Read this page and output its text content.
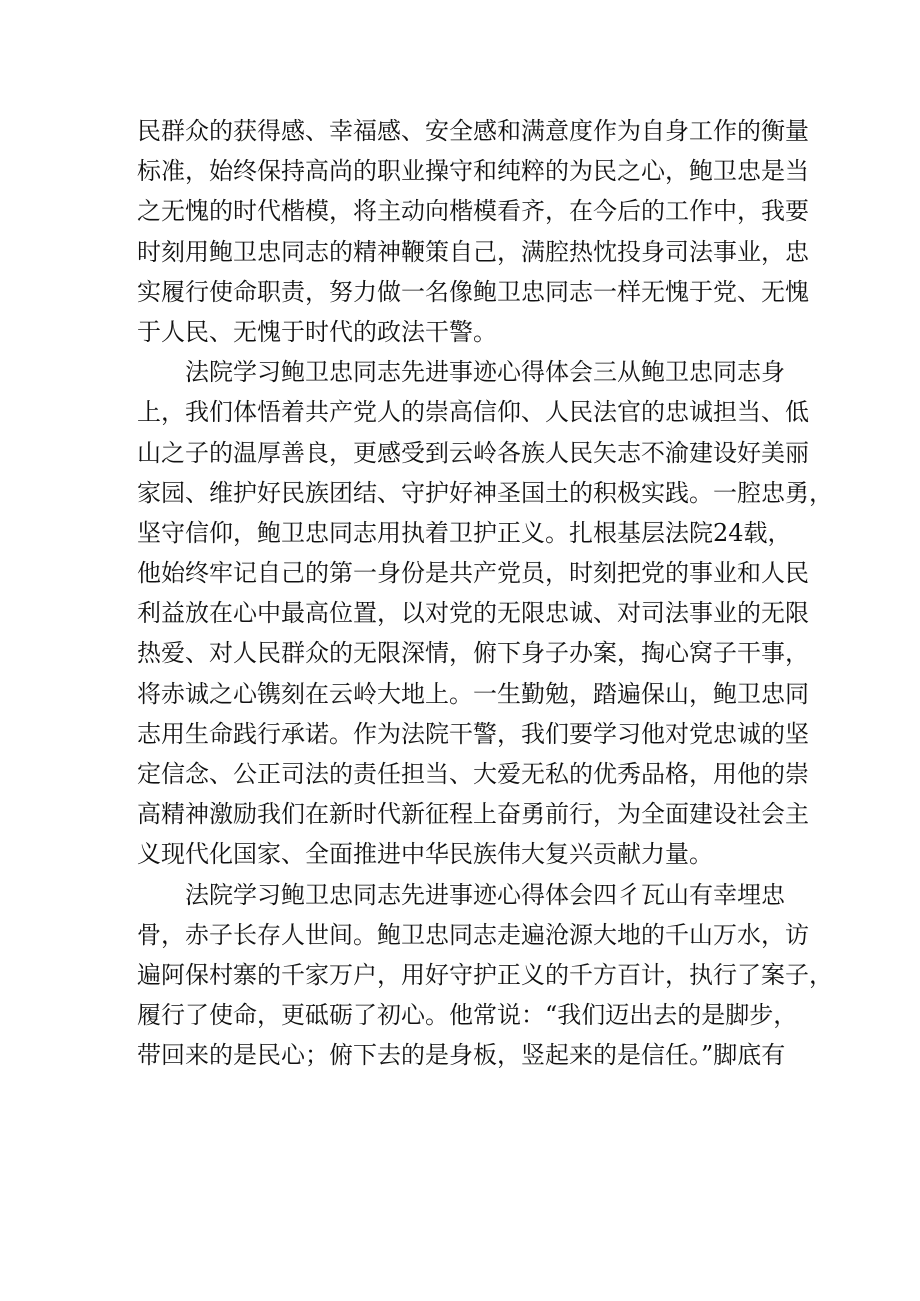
民群众的获得感、幸福感、安全感和满意度作为自身工作的衡量
标准，始终保持高尚的职业操守和纯粹的为民之心，鲍卫忠是当
之无愧的时代楷模，将主动向楷模看齐，在今后的工作中，我要
时刻用鲍卫忠同志的精神鞭策自己，满腔热忱投身司法事业，忠
实履行使命职责，努力做一名像鲍卫忠同志一样无愧于党、无愧
于人民、无愧于时代的政法干警。
法院学习鲍卫忠同志先进事迹心得体会三从鲍卫忠同志身
上，我们体悟着共产党人的崇高信仰、人民法官的忠诚担当、低
山之子的温厚善良，更感受到云岭各族人民矢志不渝建设好美丽
家园、维护好民族团结、守护好神圣国土的积极实践。一腔忠勇，
坚守信仰，鲍卫忠同志用执着卫护正义。扎根基层法院24载，
他始终牢记自己的第一身份是共产党员，时刻把党的事业和人民
利益放在心中最高位置，以对党的无限忠诚、对司法事业的无限
热爱、对人民群众的无限深情，俯下身子办案，掏心窝子干事，
将赤诚之心镌刻在云岭大地上。一生勤勉，踏遍保山，鲍卫忠同
志用生命践行承诺。作为法院干警，我们要学习他对党忠诚的坚
定信念、公正司法的责任担当、大爱无私的优秀品格，用他的崇
高精神激励我们在新时代新征程上奋勇前行，为全面建设社会主
义现代化国家、全面推进中华民族伟大复兴贡献力量。
法院学习鲍卫忠同志先进事迹心得体会四彳瓦山有幸埋忠
骨，赤子长存人世间。鲍卫忠同志走遍沧源大地的千山万水，访
遍阿保村寨的千家万户，用好守护正义的千方百计，执行了案子，
履行了使命，更砥砺了初心。他常说：“我们迈出去的是脚步，
带回来的是民心；俯下去的是身板，竖起来的是信任。”脚底有
